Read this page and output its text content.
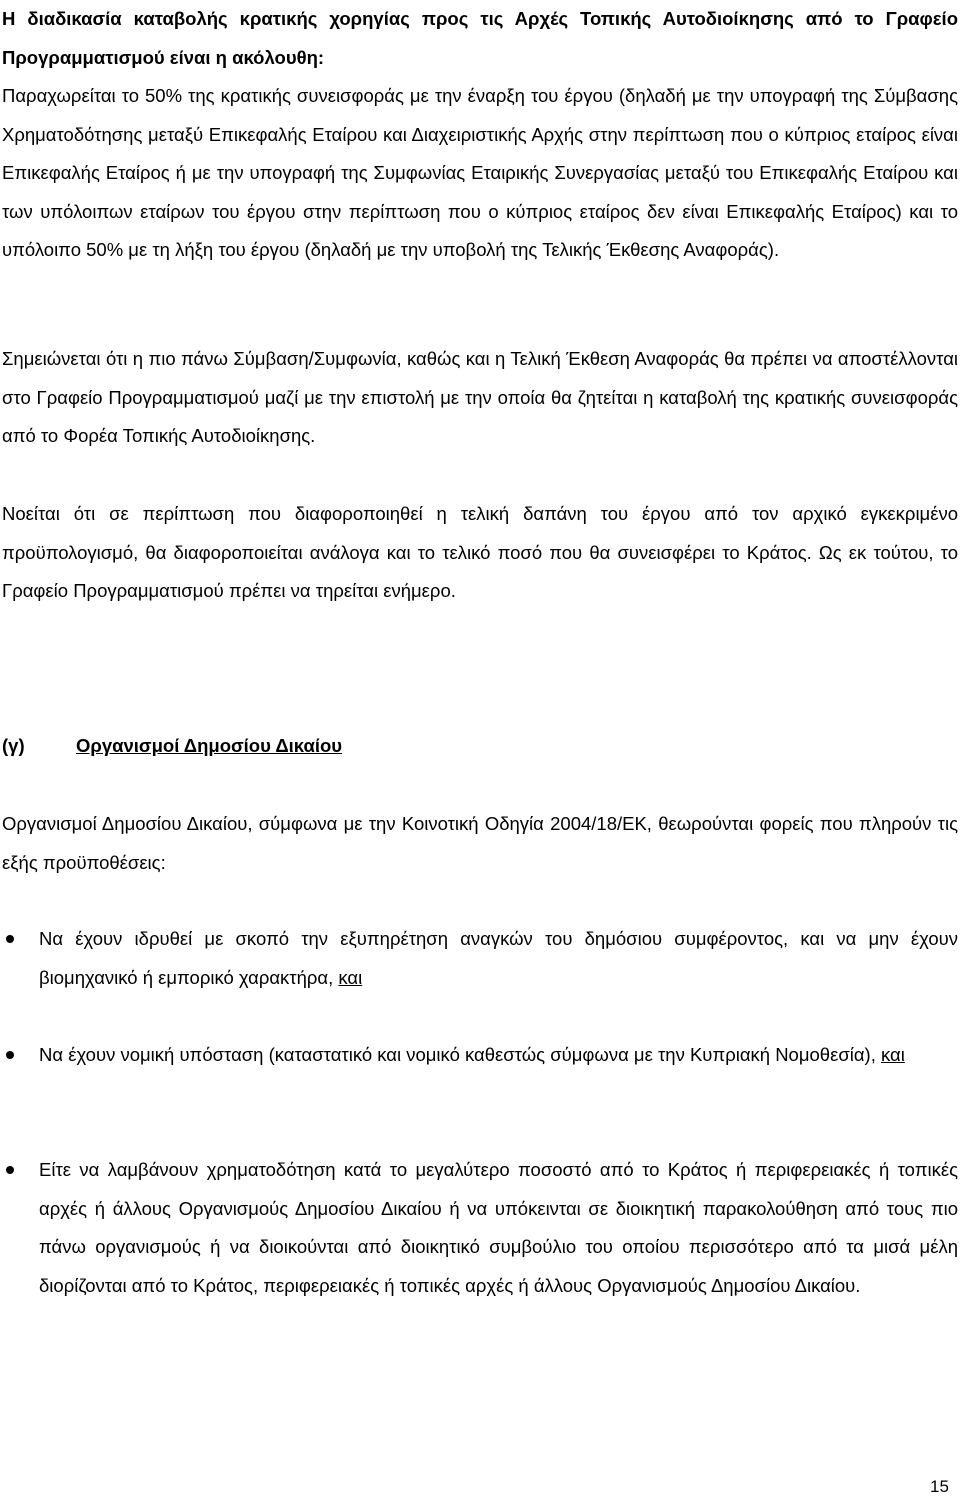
Η διαδικασία καταβολής κρατικής χορηγίας προς τις Αρχές Τοπικής Αυτοδιοίκησης από το Γραφείο Προγραμματισμού είναι η ακόλουθη:
Παραχωρείται το 50% της κρατικής συνεισφοράς με την έναρξη του έργου (δηλαδή με την υπογραφή της Σύμβασης Χρηματοδότησης μεταξύ Επικεφαλής Εταίρου και Διαχειριστικής Αρχής στην περίπτωση που ο κύπριος εταίρος είναι Επικεφαλής Εταίρος ή με την υπογραφή της Συμφωνίας Εταιρικής Συνεργασίας μεταξύ του Επικεφαλής Εταίρου και των υπόλοιπων εταίρων του έργου στην περίπτωση που ο κύπριος εταίρος δεν είναι Επικεφαλής Εταίρος) και το υπόλοιπο 50% με τη λήξη του έργου (δηλαδή με την υποβολή της Τελικής Έκθεσης Αναφοράς).

Σημειώνεται ότι η πιο πάνω Σύμβαση/Συμφωνία, καθώς και η Τελική Έκθεση Αναφοράς θα πρέπει να αποστέλλονται στο Γραφείο Προγραμματισμού μαζί με την επιστολή με την οποία θα ζητείται η καταβολή της κρατικής συνεισφοράς από το Φορέα Τοπικής Αυτοδιοίκησης.

Νοείται ότι σε περίπτωση που διαφοροποιηθεί η τελική δαπάνη του έργου από τον αρχικό εγκεκριμένο προϋπολογισμό, θα διαφοροποιείται ανάλογα και το τελικό ποσό που θα συνεισφέρει το Κράτος. Ως εκ τούτου, το Γραφείο Προγραμματισμού πρέπει να τηρείται ενήμερο.

(γ)	Οργανισμοί Δημοσίου Δικαίου

Οργανισμοί Δημοσίου Δικαίου, σύμφωνα με την Κοινοτική Οδηγία 2004/18/ΕΚ, θεωρούνται φορείς που πληρούν τις εξής προϋποθέσεις:

Να έχουν ιδρυθεί με σκοπό την εξυπηρέτηση αναγκών του δημόσιου συμφέροντος, και να μην έχουν βιομηχανικό ή εμπορικό χαρακτήρα, και
Να έχουν νομική υπόσταση (καταστατικό και νομικό καθεστώς σύμφωνα με την Κυπριακή Νομοθεσία), και
Είτε να λαμβάνουν χρηματοδότηση κατά το μεγαλύτερο ποσοστό από το Κράτος ή περιφερειακές ή τοπικές αρχές ή άλλους Οργανισμούς Δημοσίου Δικαίου ή να υπόκεινται σε διοικητική παρακολούθηση από τους πιο πάνω οργανισμούς ή να διοικούνται από διοικητικό συμβούλιο του οποίου περισσότερο από τα μισά μέλη διορίζονται από το Κράτος, περιφερειακές ή τοπικές αρχές ή άλλους Οργανισμούς Δημοσίου Δικαίου.
15
